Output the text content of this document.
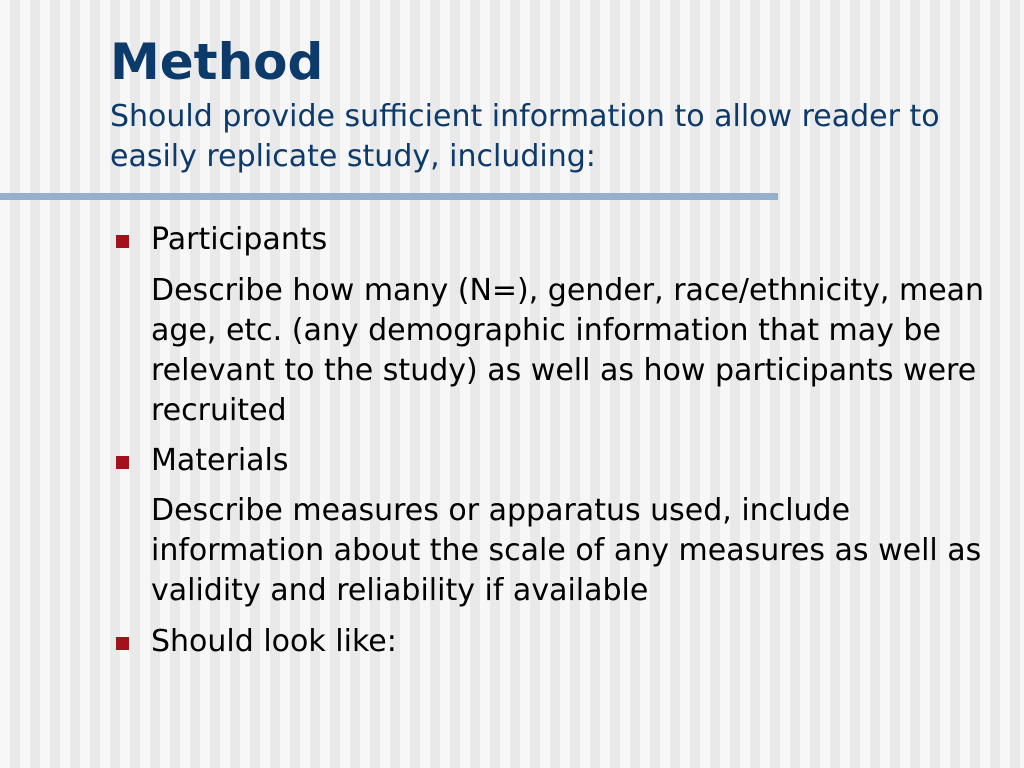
Method

Should provide sufficient information to allow reader to easily replicate study, including:

Participants
Describe how many (N=), gender, race/ethnicity, mean age, etc. (any demographic information that may be relevant to the study) as well as how participants were recruited
Materials
Describe measures or apparatus used, include information about the scale of any measures as well as validity and reliability if available
Should look like:
